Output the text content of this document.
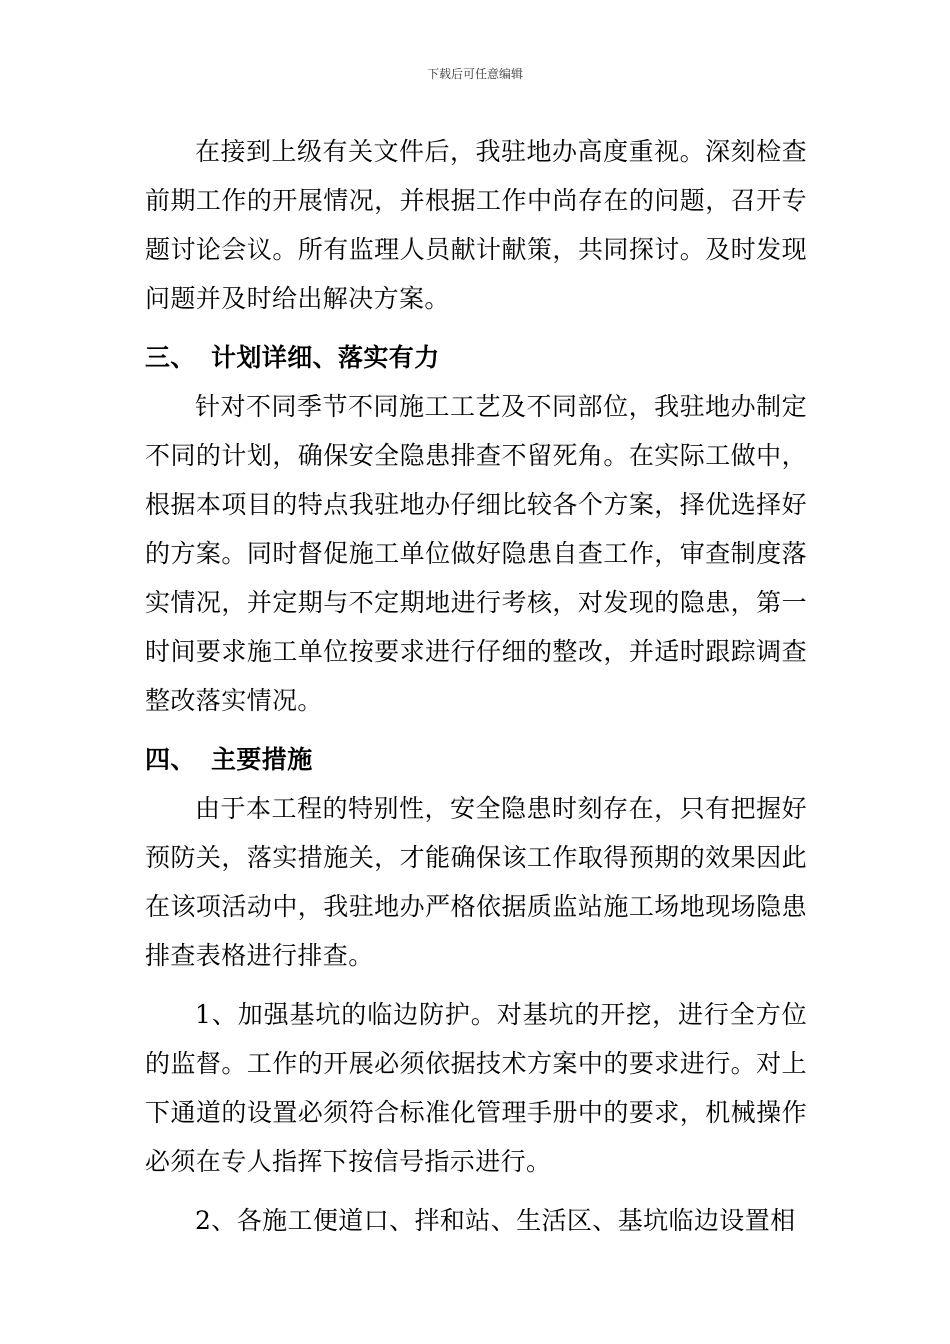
下载后可任意编辑

在接到上级有关文件后，我驻地办高度重视。深刻检查前期工作的开展情况，并根据工作中尚存在的问题，召开专题讨论会议。所有监理人员献计献策，共同探讨。及时发现问题并及时给出解决方案。

三、 计划详细、落实有力

针对不同季节不同施工工艺及不同部位，我驻地办制定不同的计划，确保安全隐患排查不留死角。在实际工做中，根据本项目的特点我驻地办仔细比较各个方案，择优选择好的方案。同时督促施工单位做好隐患自查工作，审查制度落实情况，并定期与不定期地进行考核，对发现的隐患，第一时间要求施工单位按要求进行仔细的整改，并适时跟踪调查整改落实情况。

四、 主要措施

由于本工程的特别性，安全隐患时刻存在，只有把握好预防关，落实措施关，才能确保该工作取得预期的效果因此在该项活动中，我驻地办严格依据质监站施工场地现场隐患排查表格进行排查。

1、加强基坑的临边防护。对基坑的开挖，进行全方位的监督。工作的开展必须依据技术方案中的要求进行。对上下通道的设置必须符合标准化管理手册中的要求，机械操作必须在专人指挥下按信号指示进行。

2、各施工便道口、拌和站、生活区、基坑临边设置相
